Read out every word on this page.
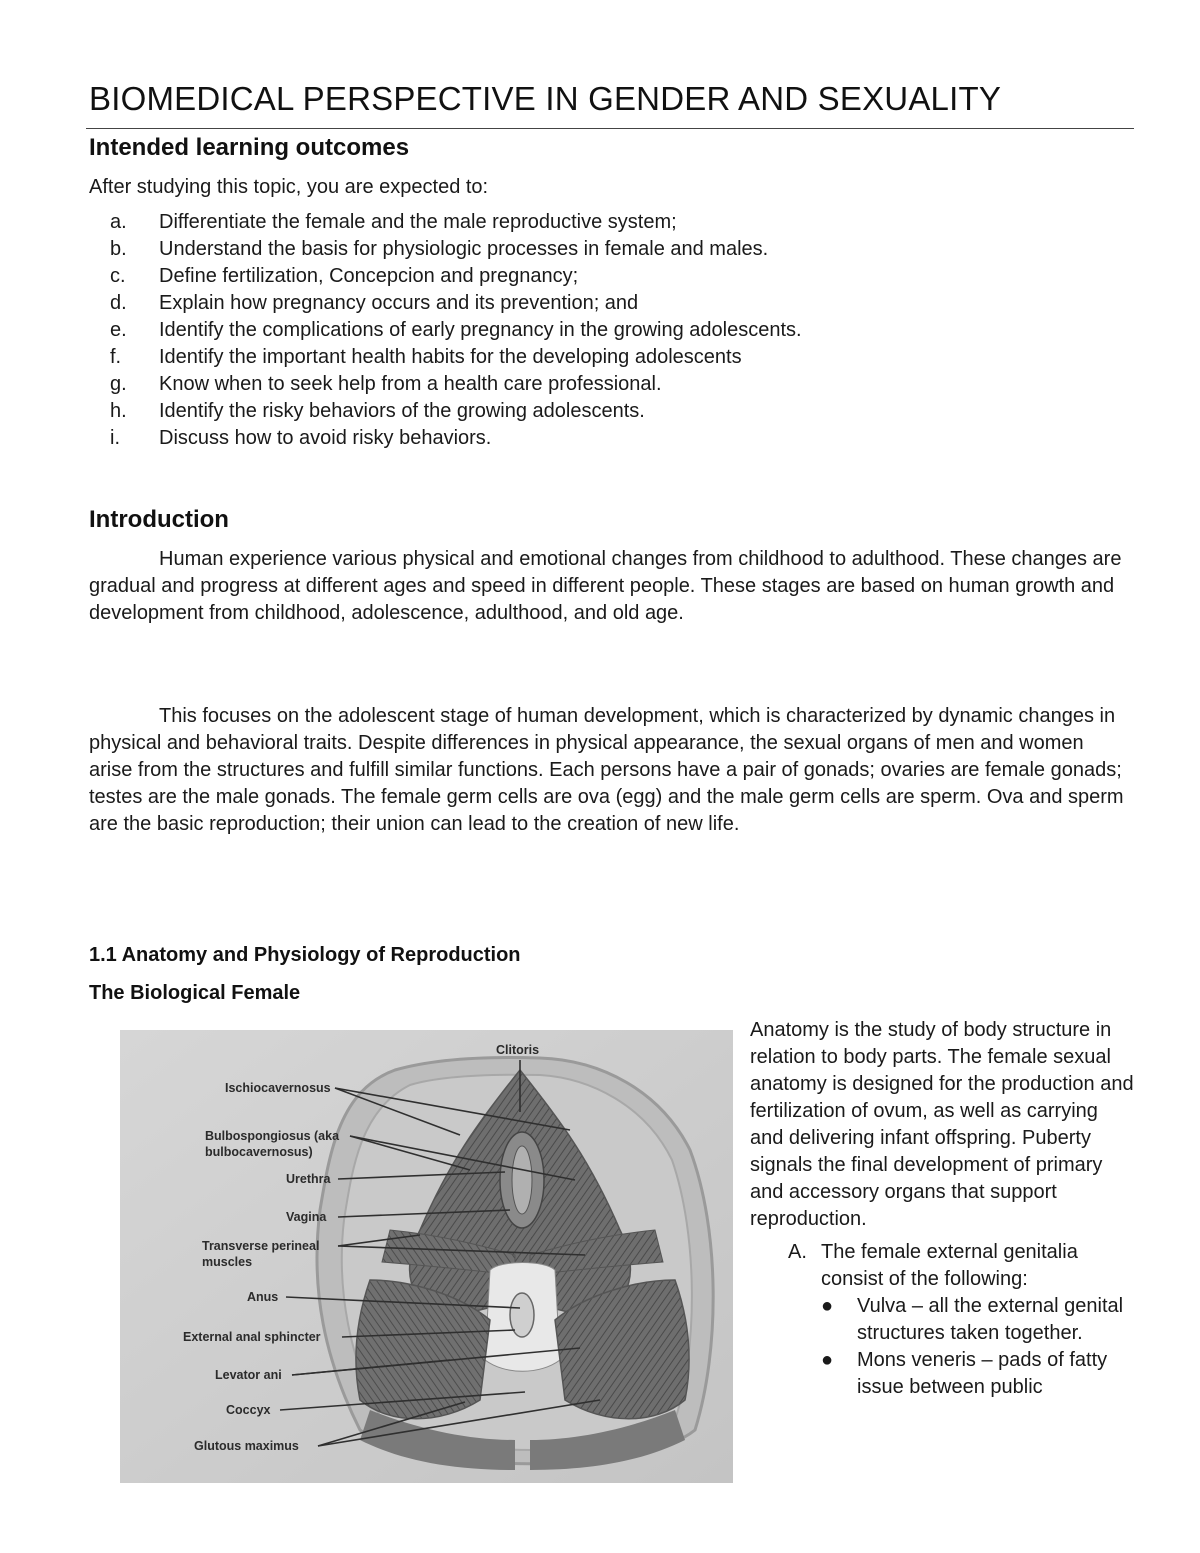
BIOMEDICAL PERSPECTIVE IN GENDER AND SEXUALITY
Intended learning outcomes
After studying this topic, you are expected to:
a.	Differentiate the female and the male reproductive system;
b.	Understand the basis for physiologic processes in female and males.
c.	Define fertilization, Concepcion and pregnancy;
d.	Explain how pregnancy occurs and its prevention; and
e.	Identify the complications of early pregnancy in the growing adolescents.
f.	Identify the important health habits for the developing adolescents
g.	Know when to seek help from a health care professional.
h.	Identify the risky behaviors of the growing adolescents.
i.	Discuss how to avoid risky behaviors.
Introduction

Human experience various physical and emotional changes from childhood to adulthood. These changes are gradual and progress at different ages and speed in different people. These stages are based on human growth and development from childhood, adolescence, adulthood, and old age.

This focuses on the adolescent stage of human development, which is characterized by dynamic changes in physical and behavioral traits. Despite differences in physical appearance, the sexual organs of men and women arise from the structures and fulfill similar functions. Each persons have a pair of gonads; ovaries are female gonads; testes are the male gonads. The female germ cells are ova (egg) and the male germ cells are sperm. Ova and sperm are the basic reproduction; their union can lead to the creation of new life.

1.1 Anatomy and Physiology of Reproduction
The Biological Female
Clitoris
Ischiocavernosus
Bulbospongiosus (aka
bulbocavernosus)
Urethra
Vagina
Transverse perineal
muscles
Anus
External anal sphincter
Levator ani
Coccyx
Glutous maximus

Anatomy is the study of body structure in relation to body parts. The female sexual anatomy is designed for the production and fertilization of ovum, as well as carrying and delivering infant offspring. Puberty signals the final development of primary and accessory organs that support reproduction.

A. The female external genitalia consist of the following:
● Vulva – all the external genital structures taken together.
● Mons veneris – pads of fatty issue between public
